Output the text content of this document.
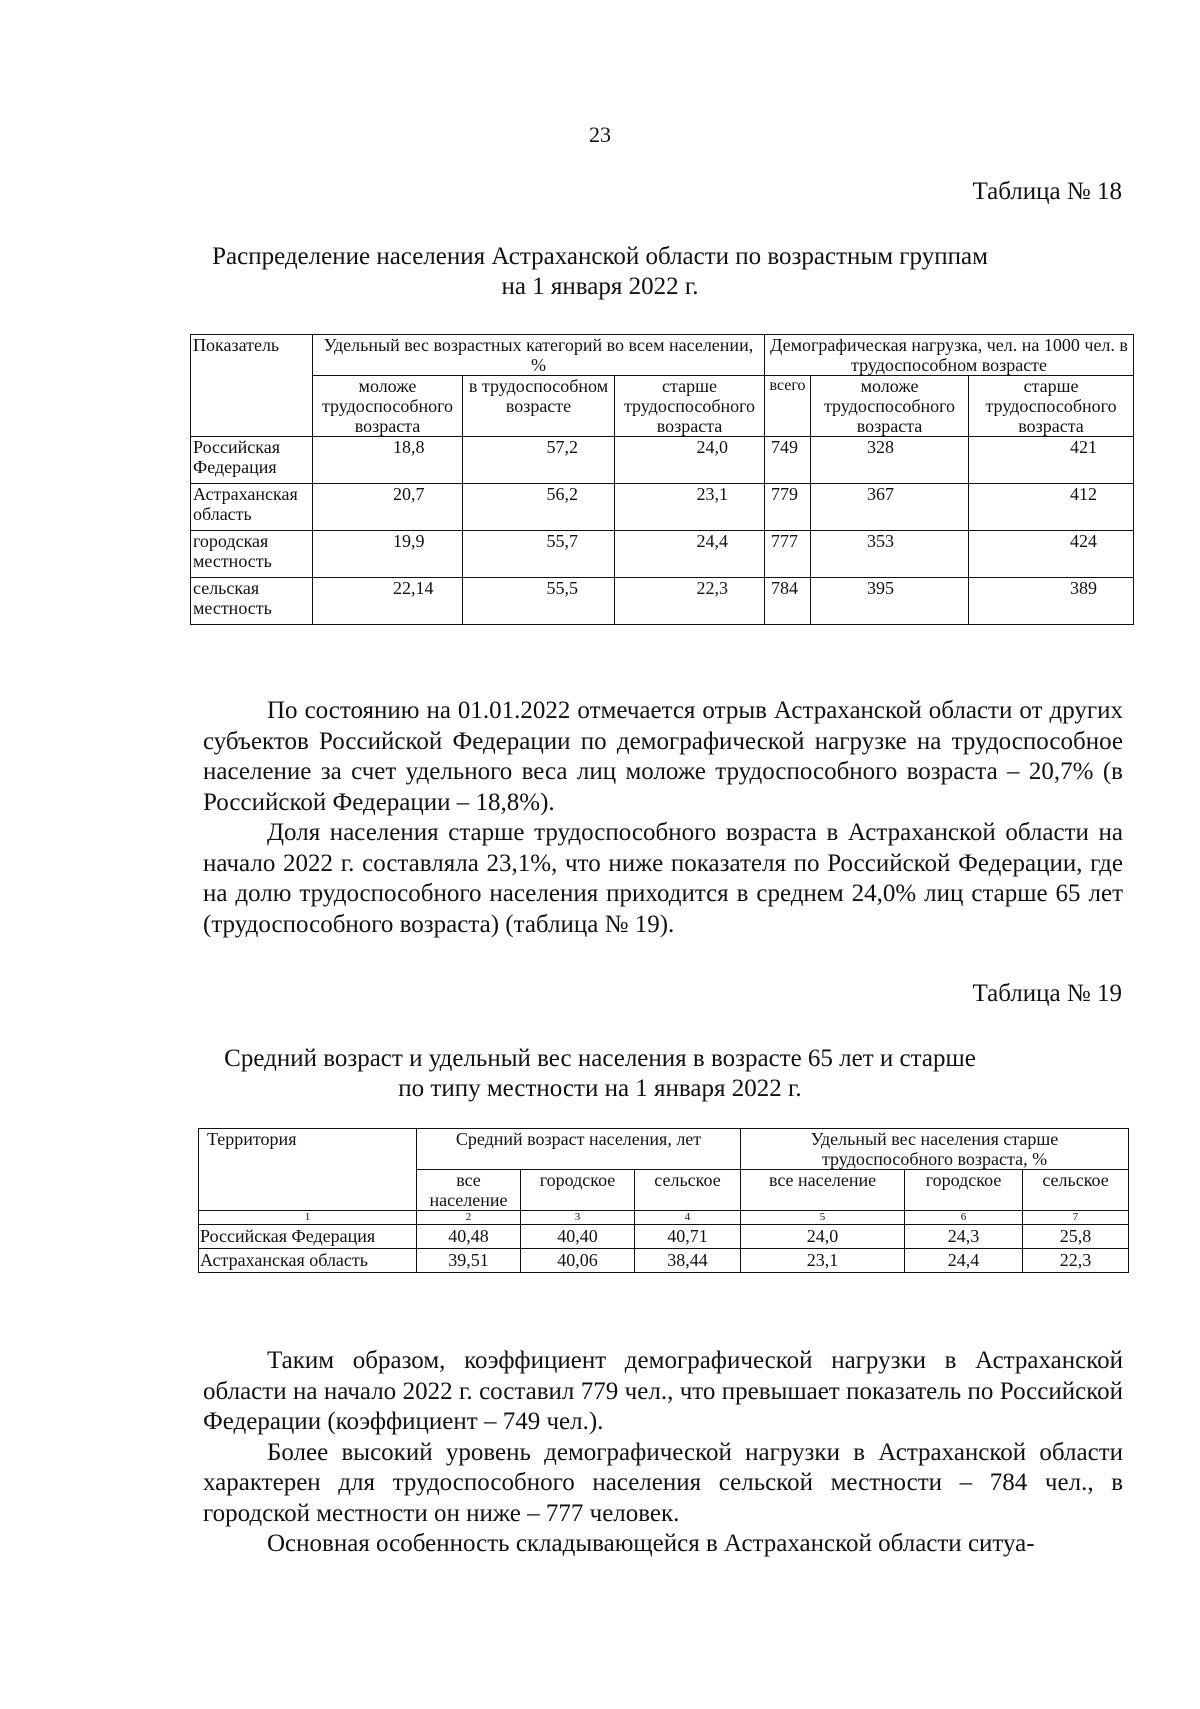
23
Таблица № 18
Распределение населения Астраханской области по возрастным группам
на 1 января 2022 г.
Показатель	Удельный вес возрастных категорий во всем населении, %			Демографическая нагрузка, чел. на 1000 чел. в трудоспособном возрасте		
	моложе трудоспособного возраста	в трудоспособном возрасте	старше трудоспособного возраста	всего	моложе трудоспособного возраста	старше трудоспособного возраста
Российская Федерация	18,8	57,2	24,0	749	328	421
Астраханская область	20,7	56,2	23,1	779	367	412
городская местность	19,9	55,7	24,4	777	353	424
сельская местность	22,14	55,5	22,3	784	395	389

По состоянию на 01.01.2022 отмечается отрыв Астраханской области от других субъектов Российской Федерации по демографической нагрузке на трудоспособное население за счет удельного веса лиц моложе трудоспособного возраста – 20,7% (в Российской Федерации – 18,8%).

Доля населения старше трудоспособного возраста в Астраханской области на начало 2022 г. составляла 23,1%, что ниже показателя по Российской Федерации, где на долю трудоспособного населения приходится в среднем 24,0% лиц старше 65 лет (трудоспособного возраста) (таблица № 19).

Таблица № 19
Средний возраст и удельный вес населения в возрасте 65 лет и старше
по типу местности на 1 января 2022 г.
Территория	Средний возраст населения, лет			Удельный вес населения старше трудоспособного возраста, %		
	все население	городское	сельское	все население	городское	сельское
1	2	3	4	5	6	7
Российская Федерация	40,48	40,40	40,71	24,0	24,3	25,8
Астраханская область	39,51	40,06	38,44	23,1	24,4	22,3

Таким образом, коэффициент демографической нагрузки в Астраханской области на начало 2022 г. составил 779 чел., что превышает показатель по Российской Федерации (коэффициент – 749 чел.).

Более высокий уровень демографической нагрузки в Астраханской области характерен для трудоспособного населения сельской местности – 784 чел., в городской местности он ниже – 777 человек.

Основная особенность складывающейся в Астраханской области ситуа-
